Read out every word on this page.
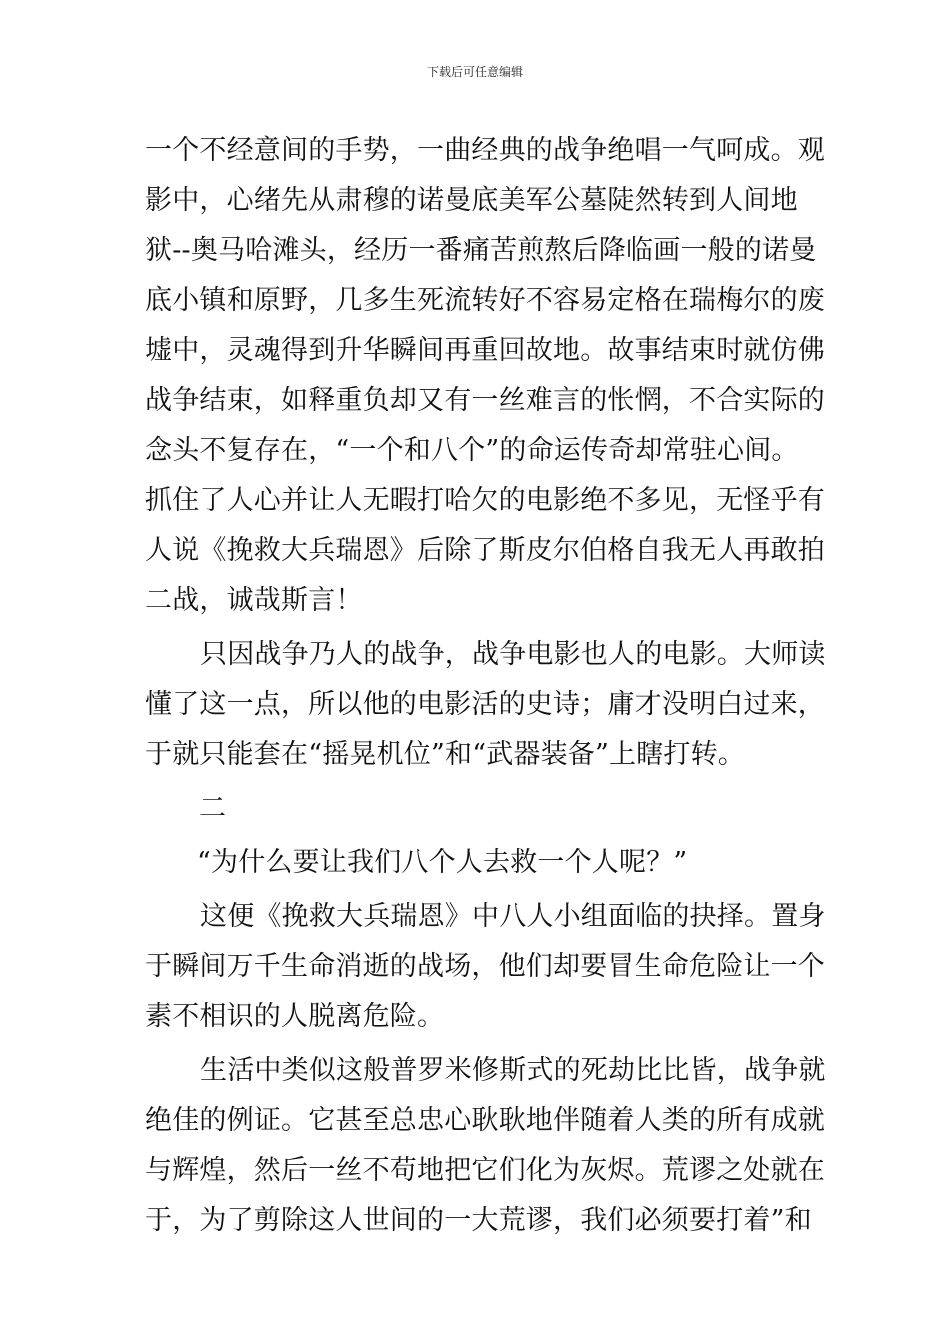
下载后可任意编辑
一个不经意间的手势，一曲经典的战争绝唱一气呵成。观
影中，心绪先从肃穆的诺曼底美军公墓陡然转到人间地
狱--奥马哈滩头，经历一番痛苦煎熬后降临画一般的诺曼
底小镇和原野，几多生死流转好不容易定格在瑞梅尔的废
墟中，灵魂得到升华瞬间再重回故地。故事结束时就仿佛
战争结束，如释重负却又有一丝难言的怅惘，不合实际的
念头不复存在，“一个和八个”的命运传奇却常驻心间。
抓住了人心并让人无暇打哈欠的电影绝不多见，无怪乎有
人说《挽救大兵瑞恩》后除了斯皮尔伯格自我无人再敢拍
二战，诚哉斯言！
只因战争乃人的战争，战争电影也人的电影。大师读
懂了这一点，所以他的电影活的史诗；庸才没明白过来，
于就只能套在“摇晃机位”和“武器装备”上瞎打转。
二
“为什么要让我们八个人去救一个人呢？”
这便《挽救大兵瑞恩》中八人小组面临的抉择。置身
于瞬间万千生命消逝的战场，他们却要冒生命危险让一个
素不相识的人脱离危险。
生活中类似这般普罗米修斯式的死劫比比皆，战争就
绝佳的例证。它甚至总忠心耿耿地伴随着人类的所有成就
与辉煌，然后一丝不苟地把它们化为灰烬。荒谬之处就在
于，为了剪除这人世间的一大荒谬，我们必须要打着”和
